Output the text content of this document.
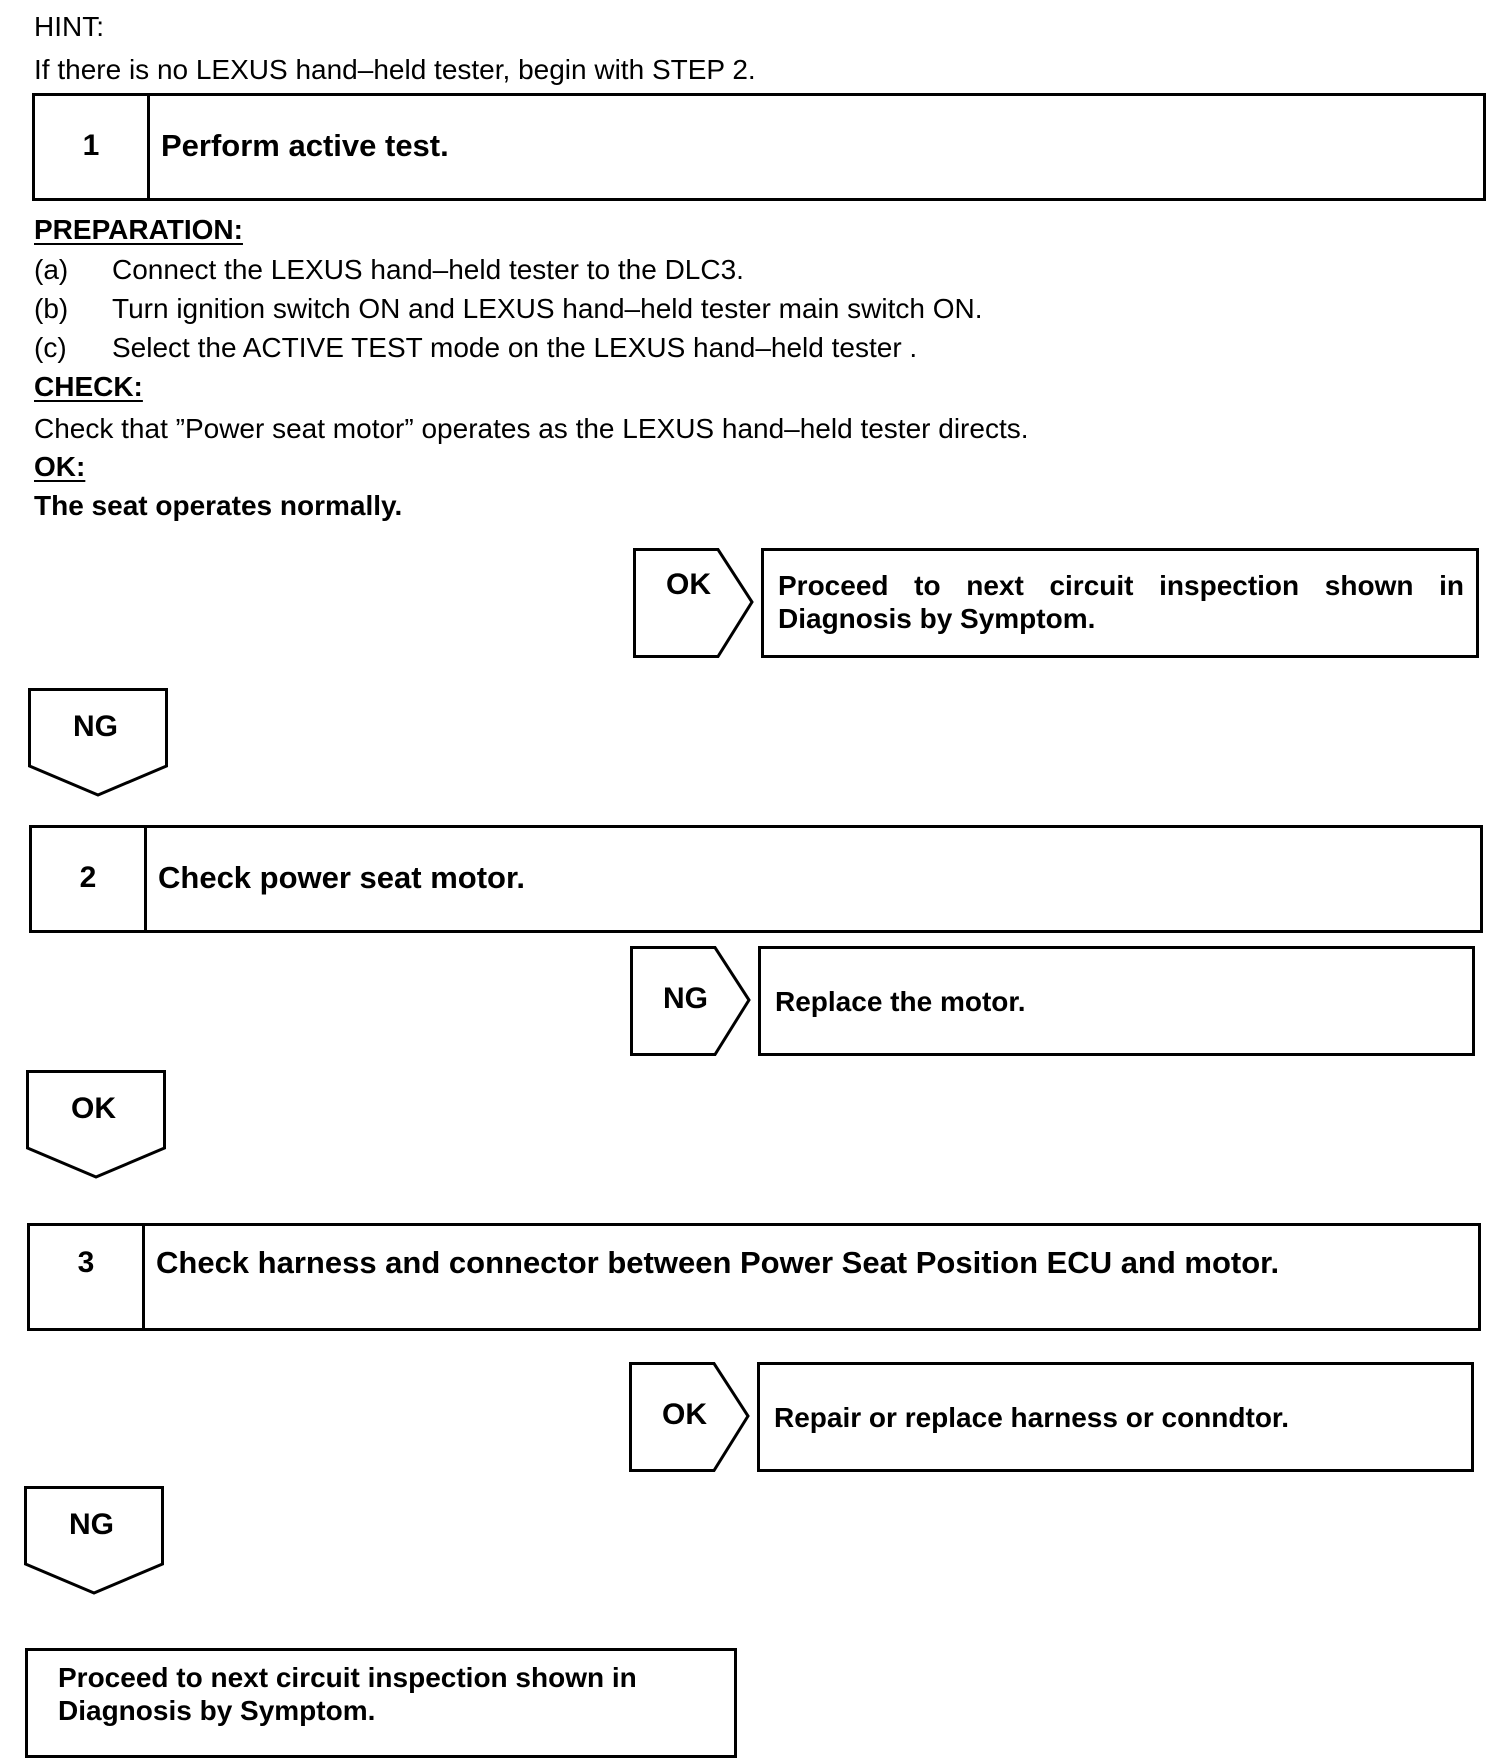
HINT:
If there is no LEXUS hand–held tester, begin with STEP 2.
1	Perform active test.
PREPARATION:
(a) Connect the LEXUS hand–held tester to the DLC3.
(b) Turn ignition switch ON and LEXUS hand–held tester main switch ON.
(c) Select the ACTIVE TEST mode on the LEXUS hand–held tester .
CHECK:
Check that ”Power seat motor” operates as the LEXUS hand–held tester directs.
OK:
The seat operates normally.
OK	Proceed to next circuit inspection shown in Diagnosis by Symptom.
NG
2	Check power seat motor.
NG	Replace the motor.
OK
3	Check harness and connector between Power Seat Position ECU and motor.
OK	Repair or replace harness or conndtor.
NG
Proceed to next circuit inspection shown in Diagnosis by Symptom.
